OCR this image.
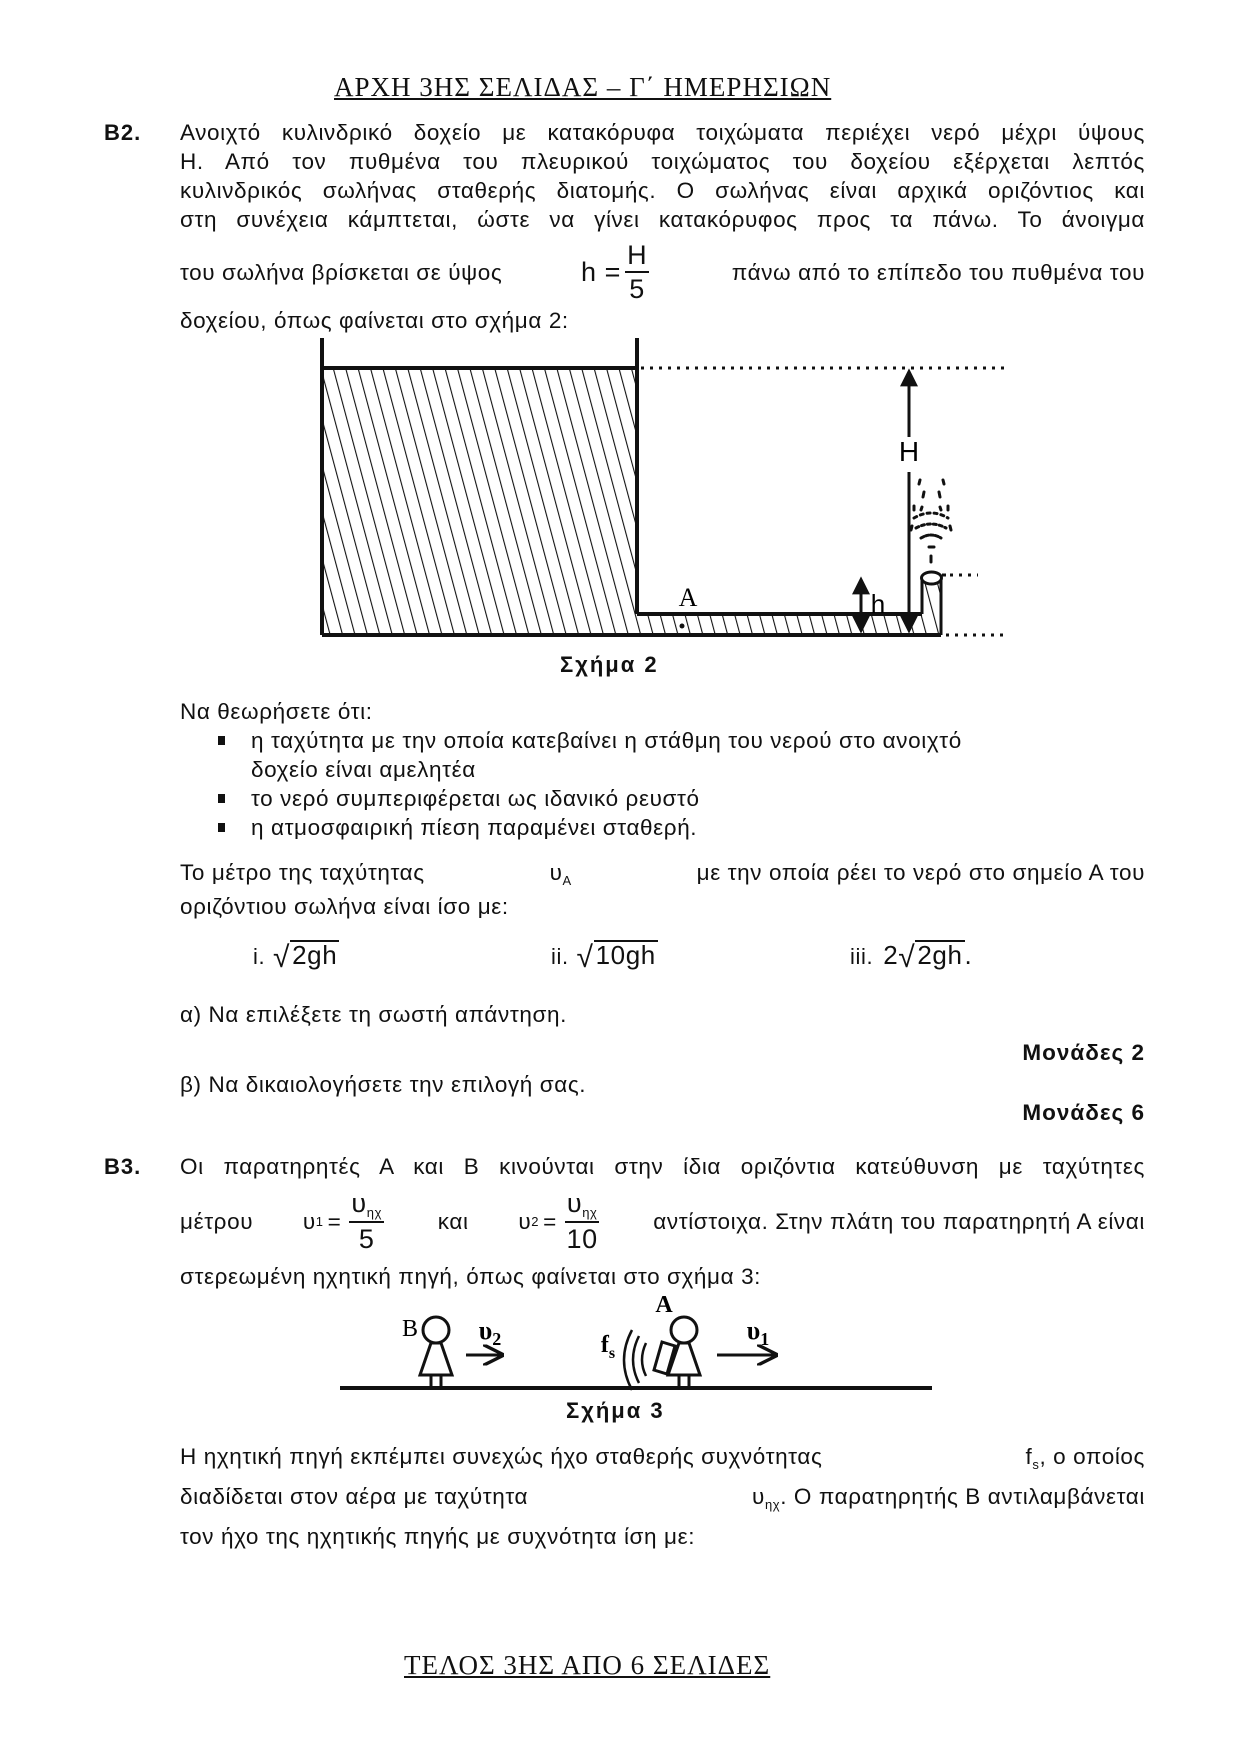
ΑΡΧΗ 3ΗΣ ΣΕΛΙΔΑΣ – Γ΄ ΗΜΕΡΗΣΙΩΝ
Β2. Ανοιχτό κυλινδρικό δοχείο με κατακόρυφα τοιχώματα περιέχει νερό μέχρι ύψους
Η. Από τον πυθμένα του πλευρικού τοιχώματος του δοχείου εξέρχεται λεπτός
κυλινδρικός σωλήνας σταθερής διατομής. Ο σωλήνας είναι αρχικά οριζόντιος και
στη συνέχεια κάμπτεται, ώστε να γίνει κατακόρυφος προς τα πάνω. Το άνοιγμα
του σωλήνα βρίσκεται σε ύψος	$h = \frac{H}{5}$	πάνω από το επίπεδο του πυθμένα του
δοχείου, όπως φαίνεται στο σχήμα 2:
Α
H
h
Σχήμα 2
Να θεωρήσετε ότι:
η ταχύτητα με την οποία κατεβαίνει η στάθμη του νερού στο ανοιχτό
δοχείο είναι αμελητέα
το νερό συμπεριφέρεται ως ιδανικό ρευστό
η ατμοσφαιρική πίεση παραμένει σταθερή.
Το μέτρο της ταχύτητας	$\upsilon_A$	με την οποία ρέει το νερό στο σημείο Α του
οριζόντιου σωλήνα είναι ίσο με:
i. √2gh	ii. √10gh	iii. 2√2gh.
α) Να επιλέξετε τη σωστή απάντηση.
Μονάδες 2
β) Να δικαιολογήσετε την επιλογή σας.
Μονάδες 6
Β3. Οι παρατηρητές Α και Β κινούνται στην ίδια οριζόντια κατεύθυνση με ταχύτητες
μέτρου υ $1 = \frac{\upsilon_{\eta\chi}}{5}$ και υ $2 = \frac{\upsilon_{\eta\chi}}{10} \alpha\nu\tau ί\sigma\tau o\iota\chi\alpha$. Στην πλάτη του παρατηρητή Α είναι
στερεωμένη ηχητική πηγή, όπως φαίνεται στο σχήμα 3:
B $\upsilon_2$
A
$f_s$
$\upsilon_1$
Σχήμα 3
Η ηχητική πηγή εκπέμπει συνεχώς ήχο σταθερής συχνότητας	$f_s$, ο οποίος
διαδίδεται στον αέρα με ταχύτητα	$\upsilon_{\eta\chi}$. Ο παρατηρητής Β αντιλαμβάνεται
τον ήχο της ηχητικής πηγής με συχνότητα ίση με:
ΤΕΛΟΣ 3ΗΣ ΑΠΟ 6 ΣΕΛΙΔΕΣ
